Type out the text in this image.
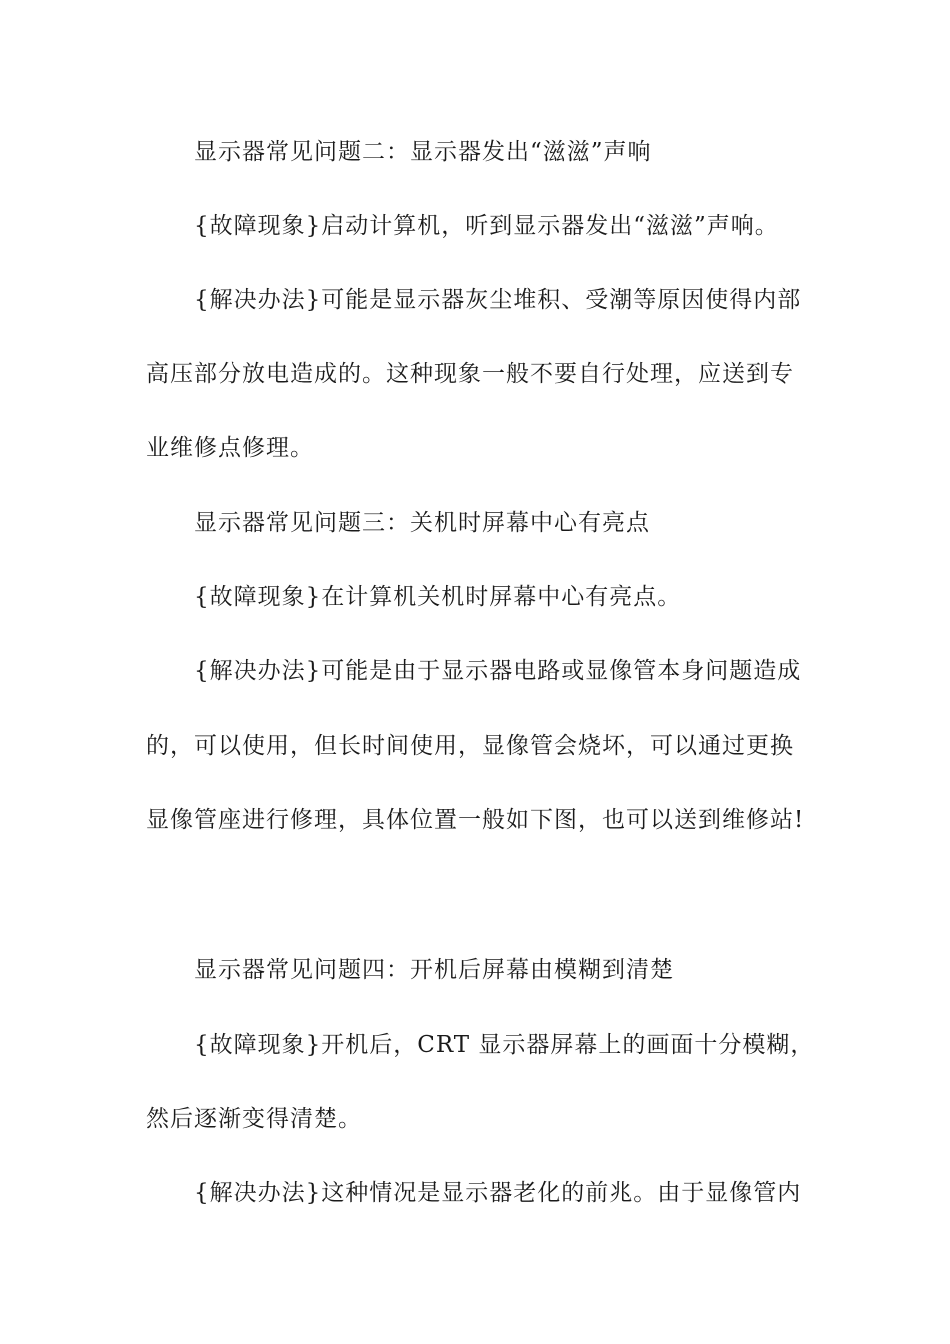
显示器常见问题二：显示器发出“滋滋”声响
{故障现象}启动计算机，听到显示器发出“滋滋”声响。
{解决办法}可能是显示器灰尘堆积、受潮等原因使得内部
高压部分放电造成的。这种现象一般不要自行处理，应送到专
业维修点修理。
显示器常见问题三：关机时屏幕中心有亮点
{故障现象}在计算机关机时屏幕中心有亮点。
{解决办法}可能是由于显示器电路或显像管本身问题造成
的，可以使用，但长时间使用，显像管会烧坏，可以通过更换
显像管座进行修理，具体位置一般如下图，也可以送到维修站!
显示器常见问题四：开机后屏幕由模糊到清楚
{故障现象}开机后，CRT 显示器屏幕上的画面十分模糊，
然后逐渐变得清楚。
{解决办法}这种情况是显示器老化的前兆。由于显像管内
